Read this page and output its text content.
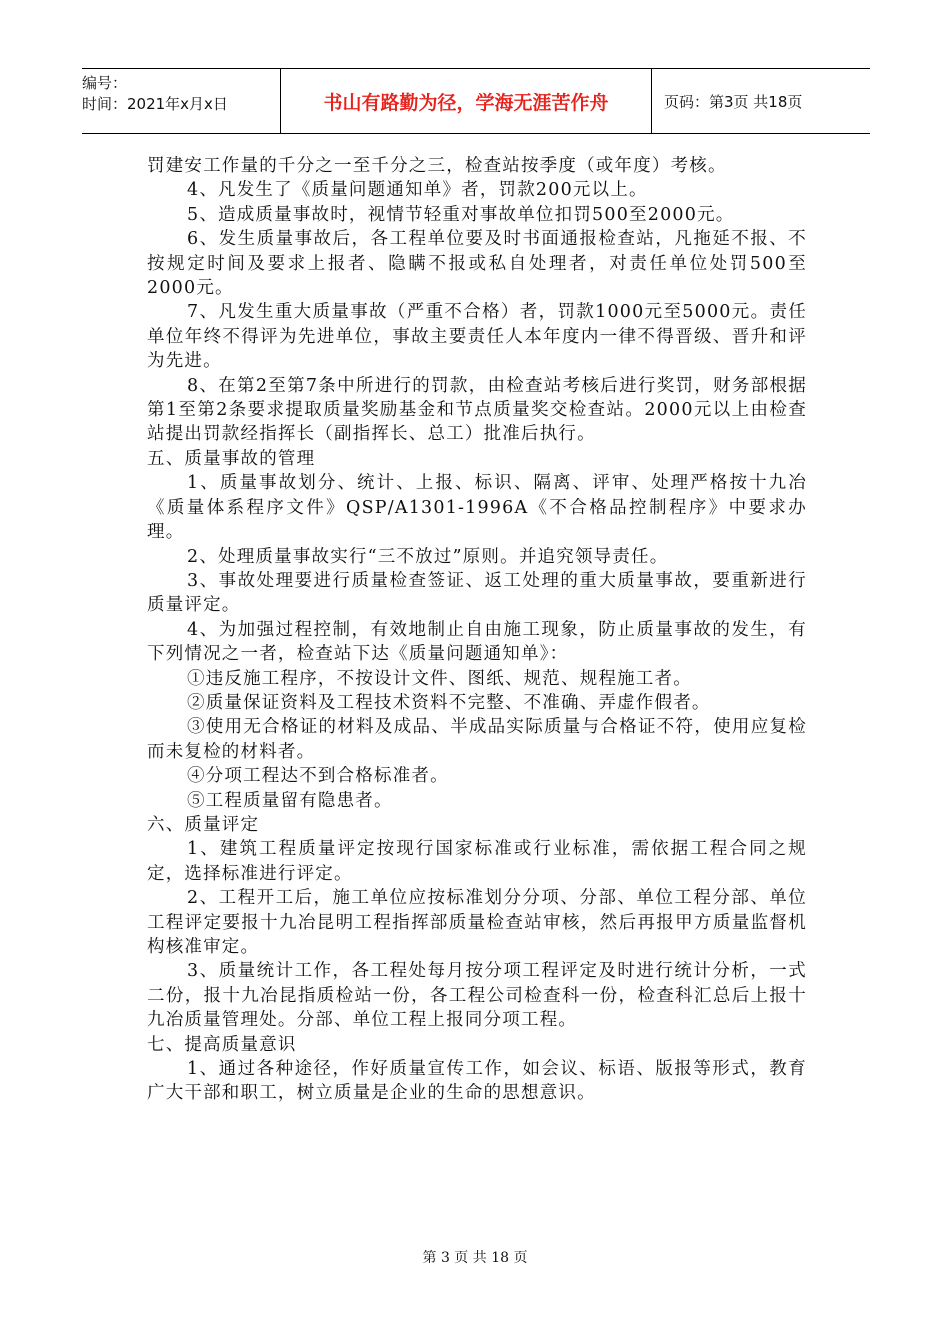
编号：
时间：2021年x月x日	书山有路勤为径，学海无涯苦作舟	页码：第3页 共18页

罚建安工作量的千分之一至千分之三，检查站按季度（或年度）考核。

4、凡发生了《质量问题通知单》者，罚款200元以上。

5、造成质量事故时，视情节轻重对事故单位扣罚500至2000元。

6、发生质量事故后，各工程单位要及时书面通报检查站，凡拖延不报、不按规定时间及要求上报者、隐瞒不报或私自处理者，对责任单位处罚500至2000元。

7、凡发生重大质量事故（严重不合格）者，罚款1000元至5000元。责任单位年终不得评为先进单位，事故主要责任人本年度内一律不得晋级、晋升和评为先进。

8、在第2至第7条中所进行的罚款，由检查站考核后进行奖罚，财务部根据第1至第2条要求提取质量奖励基金和节点质量奖交检查站。2000元以上由检查站提出罚款经指挥长（副指挥长、总工）批准后执行。

五、质量事故的管理

1、质量事故划分、统计、上报、标识、隔离、评审、处理严格按十九冶《质量体系程序文件》QSP/A1301-1996A《不合格品控制程序》中要求办理。

2、处理质量事故实行“三不放过”原则。并追究领导责任。

3、事故处理要进行质量检查签证、返工处理的重大质量事故，要重新进行质量评定。

4、为加强过程控制，有效地制止自由施工现象，防止质量事故的发生，有下列情况之一者，检查站下达《质量问题通知单》：

①违反施工程序，不按设计文件、图纸、规范、规程施工者。

②质量保证资料及工程技术资料不完整、不准确、弄虚作假者。

③使用无合格证的材料及成品、半成品实际质量与合格证不符，使用应复检而未复检的材料者。

④分项工程达不到合格标准者。

⑤工程质量留有隐患者。

六、质量评定

1、建筑工程质量评定按现行国家标准或行业标准，需依据工程合同之规定，选择标准进行评定。

2、工程开工后，施工单位应按标准划分分项、分部、单位工程分部、单位工程评定要报十九冶昆明工程指挥部质量检查站审核，然后再报甲方质量监督机构核准审定。

3、质量统计工作，各工程处每月按分项工程评定及时进行统计分析，一式二份，报十九冶昆指质检站一份，各工程公司检查科一份，检查科汇总后上报十九冶质量管理处。分部、单位工程上报同分项工程。

七、提高质量意识

1、通过各种途径，作好质量宣传工作，如会议、标语、版报等形式，教育广大干部和职工，树立质量是企业的生命的思想意识。

第 3 页 共 18 页
